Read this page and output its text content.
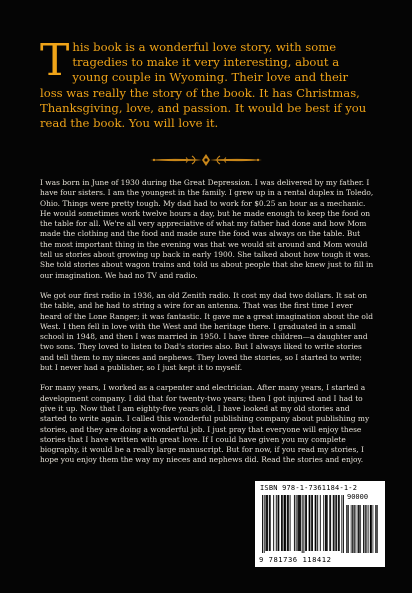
This book is a wonderful love story, with some tragedies to make it very interesting, about a young couple in Wyoming. Their love and their loss was really the story of the book. It has Christmas, Thanksgiving, love, and passion. It would be best if you read the book. You will love it.

I was born in June of 1930 during the Great Depression. I was delivered by my father. I have four sisters. I am the youngest in the family. I grew up in a rental duplex in Toledo, Ohio. Things were pretty tough. My dad had to work for $0.25 an hour as a mechanic. He would sometimes work twelve hours a day, but he made enough to keep the food on the table for all. We're all very appreciative of what my father had done and how Mom made the clothing and the food and made sure the food was always on the table. But the most important thing in the evening was that we would sit around and Mom would tell us stories about growing up back in early 1900. She talked about how tough it was. She told stories about wagon trains and told us about people that she knew just to fill in our imagination. We had no TV and radio.

We got our first radio in 1936, an old Zenith radio. It cost my dad two dollars. It sat on the table, and he had to string a wire for an antenna. That was the first time I ever heard of the Lone Ranger; it was fantastic. It gave me a great imagination about the old West. I then fell in love with the West and the heritage there. I graduated in a small school in 1948, and then I was married in 1950. I have three children—a daughter and two sons. They loved to listen to Dad's stories also. But I always liked to write stories and tell them to my nieces and nephews. They loved the stories, so I started to write; but I never had a publisher, so I just kept it to myself.

For many years, I worked as a carpenter and electrician. After many years, I started a development company. I did that for twenty-two years; then I got injured and I had to give it up. Now that I am eighty-five years old, I have looked at my old stories and started to write again. I called this wonderful publishing company about publishing my stories, and they are doing a wonderful job. I just pray that everyone will enjoy these stories that I have written with great love. If I could have given you my complete biography, it would be a really large manuscript. But for now, if you read my stories, I hope you enjoy them the way my nieces and nephews did. Read the stories and enjoy.

ISBN 978-1-7361184-1-2
90000
9 781736 118412
